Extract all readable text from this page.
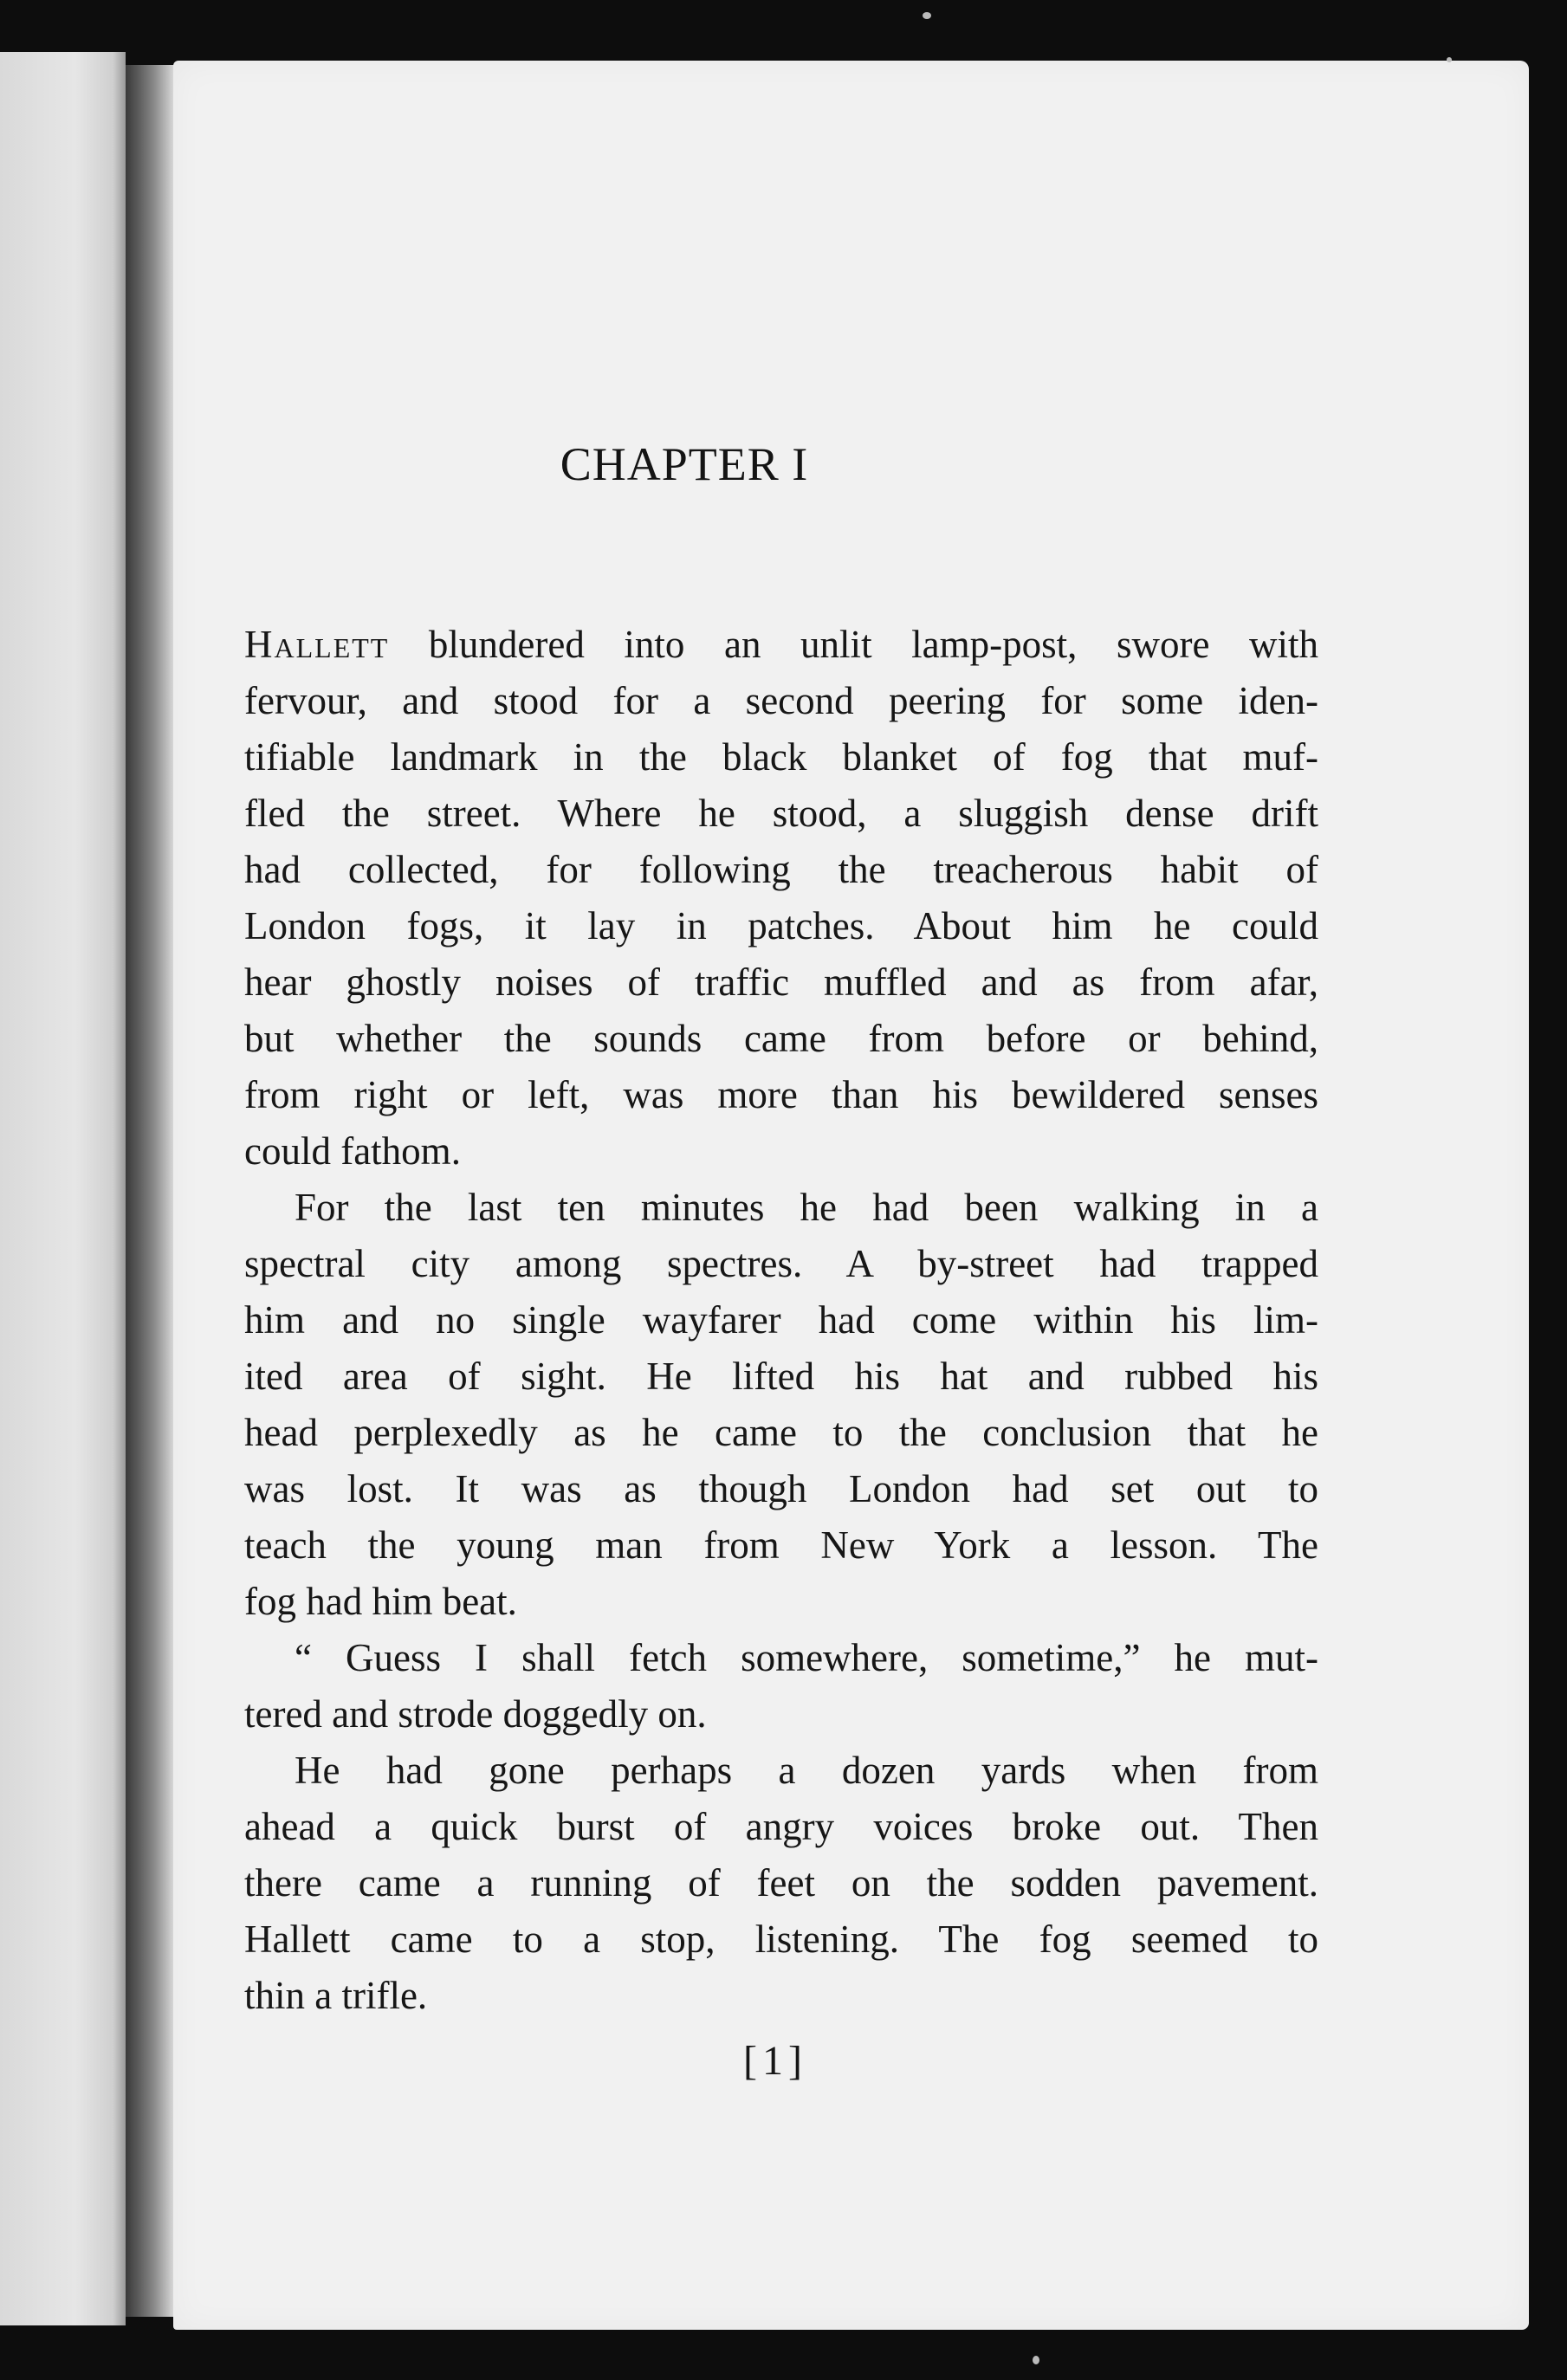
CHAPTER I
Hallett blundered into an unlit lamp-post, swore with
fervour, and stood for a second peering for some iden-
tifiable landmark in the black blanket of fog that muf-
fled the street. Where he stood, a sluggish dense drift
had collected, for following the treacherous habit of
London fogs, it lay in patches. About him he could
hear ghostly noises of traffic muffled and as from afar,
but whether the sounds came from before or behind,
from right or left, was more than his bewildered senses
could fathom.
For the last ten minutes he had been walking in a
spectral city among spectres. A by-street had trapped
him and no single wayfarer had come within his lim-
ited area of sight. He lifted his hat and rubbed his
head perplexedly as he came to the conclusion that he
was lost. It was as though London had set out to
teach the young man from New York a lesson. The
fog had him beat.
“ Guess I shall fetch somewhere, sometime,” he mut-
tered and strode doggedly on.
He had gone perhaps a dozen yards when from
ahead a quick burst of angry voices broke out. Then
there came a running of feet on the sodden pavement.
Hallett came to a stop, listening. The fog seemed to
thin a trifle.
[1]
